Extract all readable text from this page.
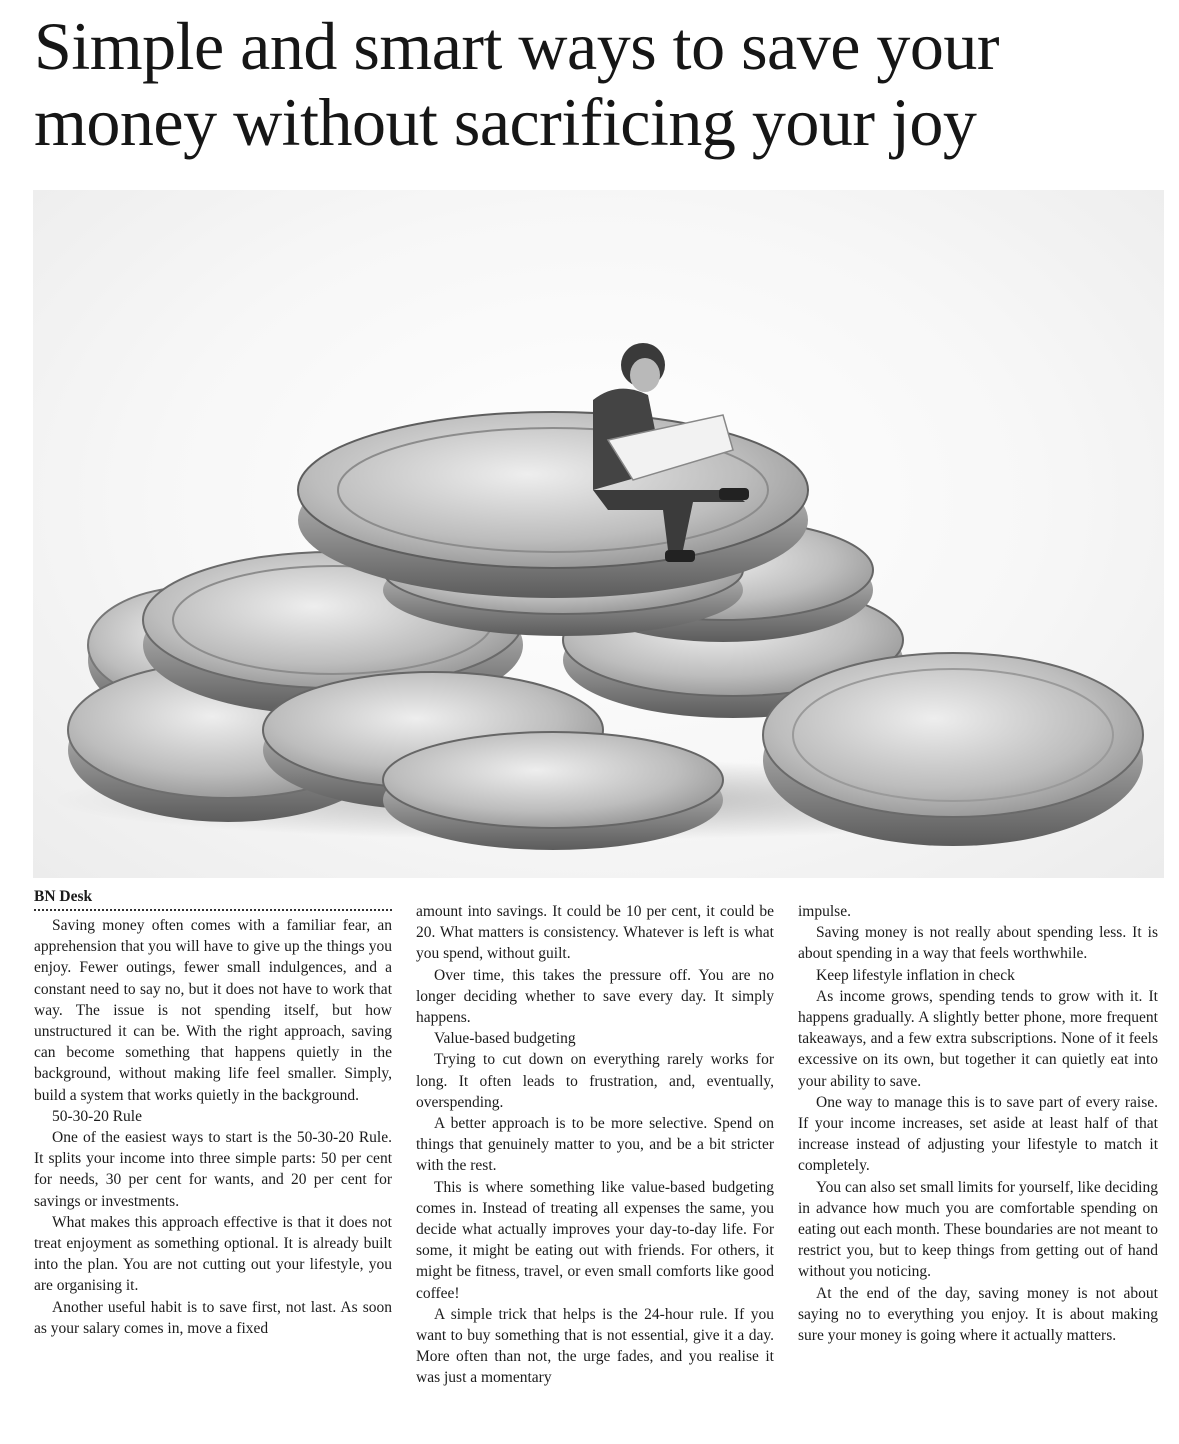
Simple and smart ways to save your
money without sacrificing your joy
BN Desk

Saving money often comes with a familiar fear, an apprehension that you will have to give up the things you enjoy. Fewer outings, fewer small indulgences, and a constant need to say no, but it does not have to work that way. The issue is not spending itself, but how unstructured it can be. With the right approach, saving can become something that happens quietly in the background, without making life feel smaller. Simply, build a system that works quietly in the background.

50-30-20 Rule

One of the easiest ways to start is the 50-30-20 Rule. It splits your income into three simple parts: 50 per cent for needs, 30 per cent for wants, and 20 per cent for savings or investments.

What makes this approach effective is that it does not treat enjoyment as something optional. It is already built into the plan. You are not cutting out your lifestyle, you are organising it.

Another useful habit is to save first, not last. As soon as your salary comes in, move a fixed

amount into savings. It could be 10 per cent, it could be 20. What matters is consistency. Whatever is left is what you spend, without guilt.

Over time, this takes the pressure off. You are no longer deciding whether to save every day. It simply happens.

Value-based budgeting

Trying to cut down on everything rarely works for long. It often leads to frustration, and, eventually, overspending.

A better approach is to be more selective. Spend on things that genuinely matter to you, and be a bit stricter with the rest.

This is where something like value-based budgeting comes in. Instead of treating all expenses the same, you decide what actually improves your day-to-day life. For some, it might be eating out with friends. For others, it might be fitness, travel, or even small comforts like good coffee!

A simple trick that helps is the 24-hour rule. If you want to buy something that is not essential, give it a day. More often than not, the urge fades, and you realise it was just a momentary

impulse.

Saving money is not really about spending less. It is about spending in a way that feels worthwhile.

Keep lifestyle inflation in check

As income grows, spending tends to grow with it. It happens gradually. A slightly better phone, more frequent takeaways, and a few extra subscriptions. None of it feels excessive on its own, but together it can quietly eat into your ability to save.

One way to manage this is to save part of every raise. If your income increases, set aside at least half of that increase instead of adjusting your lifestyle to match it completely.

You can also set small limits for yourself, like deciding in advance how much you are comfortable spending on eating out each month. These boundaries are not meant to restrict you, but to keep things from getting out of hand without you noticing.

At the end of the day, saving money is not about saying no to everything you enjoy. It is about making sure your money is going where it actually matters.
